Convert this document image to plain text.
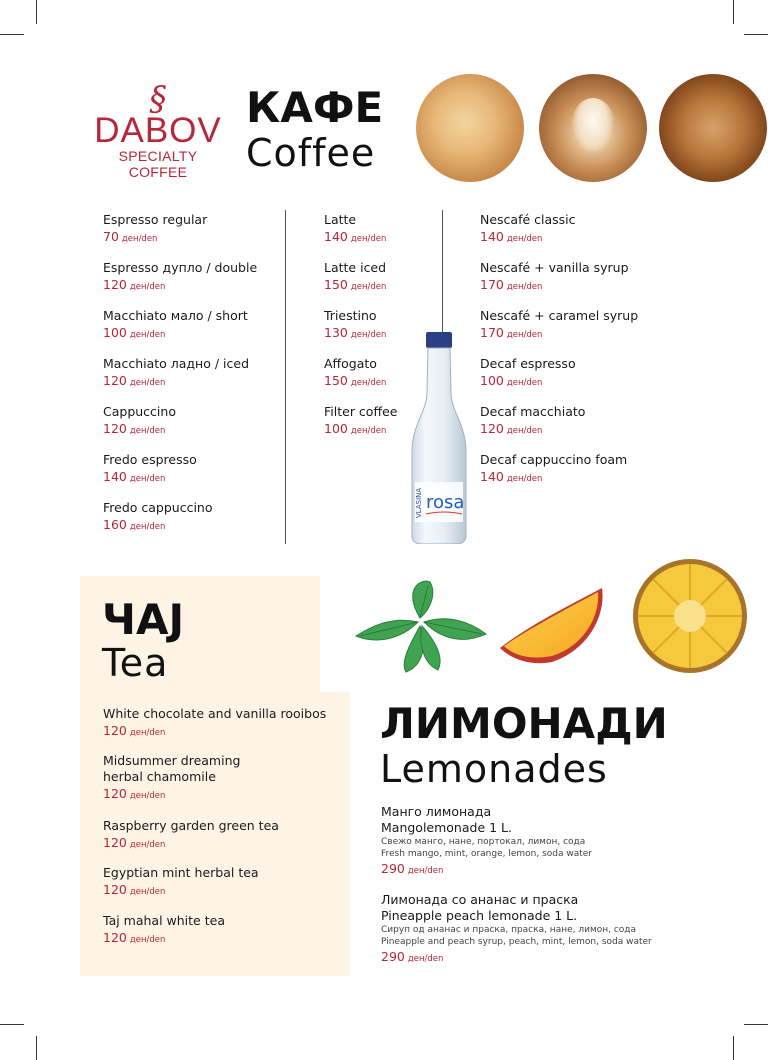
§
DABOV
SPECIALTY COFFEE
КАФЕ
Coffee
Espresso regular
70 ден/den
Espresso дупло / double
120 ден/den
Macchiato мало / short
100 ден/den
Macchiato ладно / iced
120 ден/den
Cappuccino
120 ден/den
Fredo espresso
140 ден/den
Fredo cappuccino
160 ден/den
Latte
140 ден/den
Latte iced
150 ден/den
Triestino
130 ден/den
Affogato
150 ден/den
Filter coffee
100 ден/den
Nescafé classic
140 ден/den
Nescafé + vanilla syrup
170 ден/den
Nescafé + caramel syrup
170 ден/den
Decaf espresso
100 ден/den
Decaf macchiato
120 ден/den
Decaf cappuccino foam
140 ден/den
VLASINA rosa
ЧАЈ
Tea
White chocolate and vanilla rooibos
120 ден/den
Midsummer dreaming
herbal chamomile
120 ден/den
Raspberry garden green tea
120 ден/den
Egyptian mint herbal tea
120 ден/den
Taj mahal white tea
120 ден/den
ЛИМОНАДИ
Lemonades
Манго лимонада
Mangolemonade 1 L.
Свежо манго, нане, портокал, лимон, сода
Fresh mango, mint, orange, lemon, soda water
290 ден/den
Лимонада со ананас и праска
Pineapple peach lemonade 1 L.
Сируп од ананас и праска, праска, нане, лимон, сода
Pineapple and peach syrup, peach, mint, lemon, soda water
290 ден/den
